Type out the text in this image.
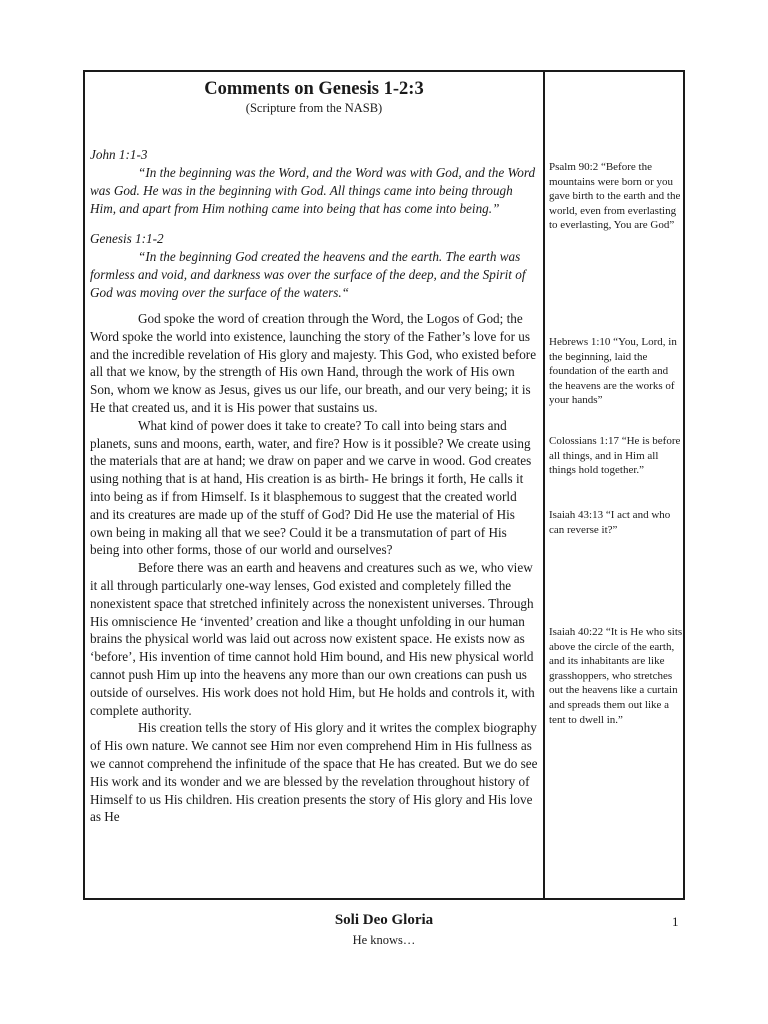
Comments on Genesis 1-2:3
(Scripture from the NASB)
John 1:1-3

“In the beginning was the Word, and the Word was with God, and the Word was God. He was in the beginning with God. All things came into being through Him, and apart from Him nothing came into being that has come into being.”

Genesis 1:1-2

“In the beginning God created the heavens and the earth. The earth was formless and void, and darkness was over the surface of the deep, and the Spirit of God was moving over the surface of the waters.“

God spoke the word of creation through the Word, the Logos of God; the Word spoke the world into existence, launching the story of the Father’s love for us and the incredible revelation of His glory and majesty. This God, who existed before all that we know, by the strength of His own Hand, through the work of His own Son, whom we know as Jesus, gives us our life, our breath, and our very being; it is He that created us, and it is His power that sustains us.

What kind of power does it take to create? To call into being stars and planets, suns and moons, earth, water, and fire? How is it possible? We create using the materials that are at hand; we draw on paper and we carve in wood. God creates using nothing that is at hand, His creation is as birth- He brings it forth, He calls it into being as if from Himself. Is it blasphemous to suggest that the created world and its creatures are made up of the stuff of God? Did He use the material of His own being in making all that we see? Could it be a transmutation of part of His being into other forms, those of our world and ourselves?

Before there was an earth and heavens and creatures such as we, who view it all through particularly one-way lenses, God existed and completely filled the nonexistent space that stretched infinitely across the nonexistent universes. Through His omniscience He ‘invented’ creation and like a thought unfolding in our human brains the physical world was laid out across now existent space. He exists now as ‘before’, His invention of time cannot hold Him bound, and His new physical world cannot push Him up into the heavens any more than our own creations can push us outside of ourselves. His work does not hold Him, but He holds and controls it, with complete authority.

His creation tells the story of His glory and it writes the complex biography of His own nature. We cannot see Him nor even comprehend Him in His fullness as we cannot comprehend the infinitude of the space that He has created. But we do see His work and its wonder and we are blessed by the revelation throughout history of Himself to us His children. His creation presents the story of His glory and His love as He

Psalm 90:2 “Before the mountains were born or you gave birth to the earth and the world, even from everlasting to everlasting, You are God”

Hebrews 1:10 “You, Lord, in the beginning, laid the foundation of the earth and the heavens are the works of your hands”

Colossians 1:17 “He is before all things, and in Him all things hold together.”

Isaiah 43:13 “I act and who can reverse it?”

Isaiah 40:22 “It is He who sits above the circle of the earth, and its inhabitants are like grasshoppers, who stretches out the heavens like a curtain and spreads them out like a tent to dwell in.”

Soli Deo Gloria
He knows…
1
